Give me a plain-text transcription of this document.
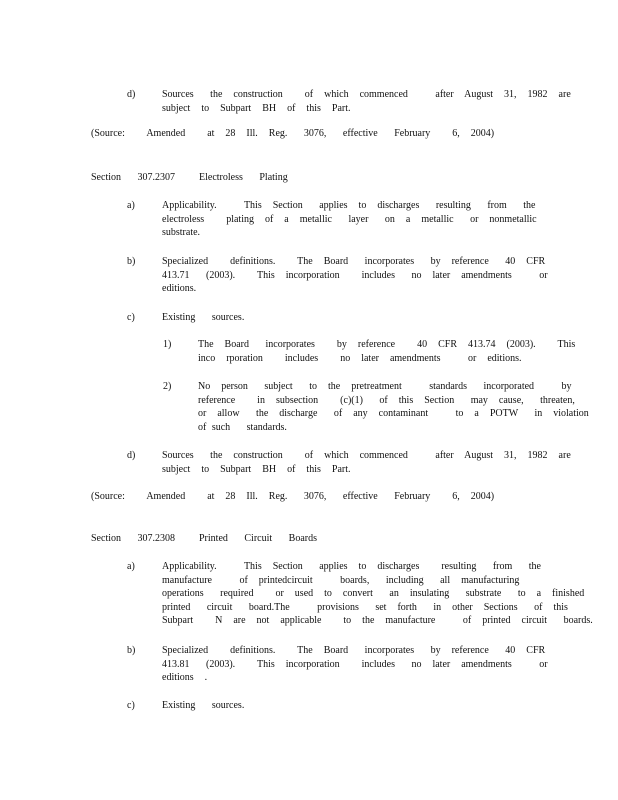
d)	Sources   the  construction    of  which  commenced     after  August  31,  1982  are
subject  to  Subpart  BH  of  this  Part.
(Source:    Amended    at  28  Ill.  Reg.   3076,   effective   February    6,  2004)
Section   307.2307 Electroless   Plating
a)	Applicability.     This  Section   applies  to  discharges   resulting   from   the
electroless    plating  of  a  metallic   layer   on  a  metallic   or  nonmetallic
substrate.
b)	Specialized    definitions.    The  Board   incorporates   by  reference   40  CFR
413.71   (2003).    This  incorporation    includes   no  later  amendments     or
editions.
c)	Existing   sources.
1)	The  Board   incorporates    by  reference    40  CFR  413.74  (2003).    This
inco  rporation    includes    no  later  amendments     or  editions.
2)	No  person   subject   to  the  pretreatment     standards   incorporated     by
reference    in  subsection    (c)(1)   of  this  Section   may  cause,   threaten,
or  allow   the  discharge   of  any  contaminant     to  a  POTW   in  violation
of such   standards.
d)	Sources   the  construction    of  which  commenced     after  August  31,  1982  are
subject  to  Subpart  BH  of  this  Part.
(Source:    Amended    at  28  Ill.  Reg.   3076,   effective   February    6,  2004)
Section   307.2308 Printed   Circuit   Boards
a)	Applicability.     This  Section   applies  to  discharges    resulting   from   the
manufacture     of  printedcircuit     boards,   including   all  manufacturing
operations   required    or  used  to  convert   an  insulating   substrate   to  a  finished
printed   circuit   board.The     provisions   set  forth   in  other  Sections   of  this
Subpart    N  are  not  applicable    to  the  manufacture     of  printed  circuit   boards.
b)	Specialized    definitions.    The  Board   incorporates   by  reference   40  CFR
413.81   (2003).    This  incorporation    includes   no  later  amendments     or
editions  .
c)	Existing   sources.
